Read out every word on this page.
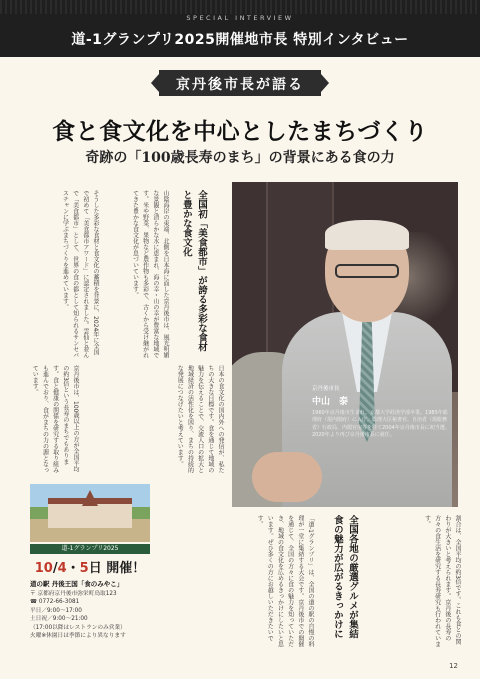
SPECIAL INTERVIEW
道-1グランプリ2025開催地市長 特別インタビュー
京丹後市長が語る
食と食文化を中心としたまちづくり
奇跡の「100歳長寿のまち」の背景にある食の力
全国初「美食都市」が誇る多彩な食材と豊かな食文化
山陰海岸の東端、北側を日本海に面した京丹後市は、風光明媚な景観と清らかな水に恵まれ、海の幸・山の幸が豊富な地域です。米や野菜、果物など農作物も多彩で、古くから受け継がれてきた豊かな食文化が息づいています。
そうした多彩な食材と食文化の蓄積を背景に、2024年に全国で初めて「美食都市アワード」に認定されました。雲仙と並んで「美食都市」として、世界の食の都として知られるサンセバスチャンに学ぶまちづくりを進めています。
京丹後市は、100歳以上の方が全国平均の約3倍という長寿のまちでもあります。食と健康の関係を研究する取り組みも進んでおり、食がまちの力の源となっています。	日本の食文化の国内外への発信が、私たちの大きな目標です。食を通じて地域の魅力を伝えることで、交流人口の拡大と地域経済の活性化を図り、まちの持続的な発展につなげたいと考えています。	京丹後市長
中山　泰
1960年京丹後市生まれ。京都大学経済学部卒業。1985年総理府（現内閣府）に入庁。総理大臣秘書官、自治省（現総務省）行政局、内閣官房等を経て2004年京丹後市長に初当選。2020年より再び京丹後市長に就任。
割合は、全国平均の約3倍です。これも食との関わりが大きいと考えられます。京丹後の長寿の方々の食生活を研究する長寿研究も行われています。
全国各地の厳選グルメが集結 食の魅力が広がるきっかけに
「道-1グランプリ」は、全国の道の駅の自慢の料理が一堂に集結する大会です。京丹後市での開催を通じて、全国の方々に食の魅力を知っていただき、地域の食文化を広めるきっかけにしたいと思います。ぜひ多くの方にお越しいただきたいです。
道-1グランプリ2025
10/4・5日 開催！
道の駅 丹後王国「食のみやこ」
〒 京都府京丹後市弥栄町鳥取123
☎ 0772-66-3081
平日／9:00～17:00
土日祝／9:00～21:00
（17:00以降はレストランのみ営業）
火曜※休園日は季節により異なります
12
